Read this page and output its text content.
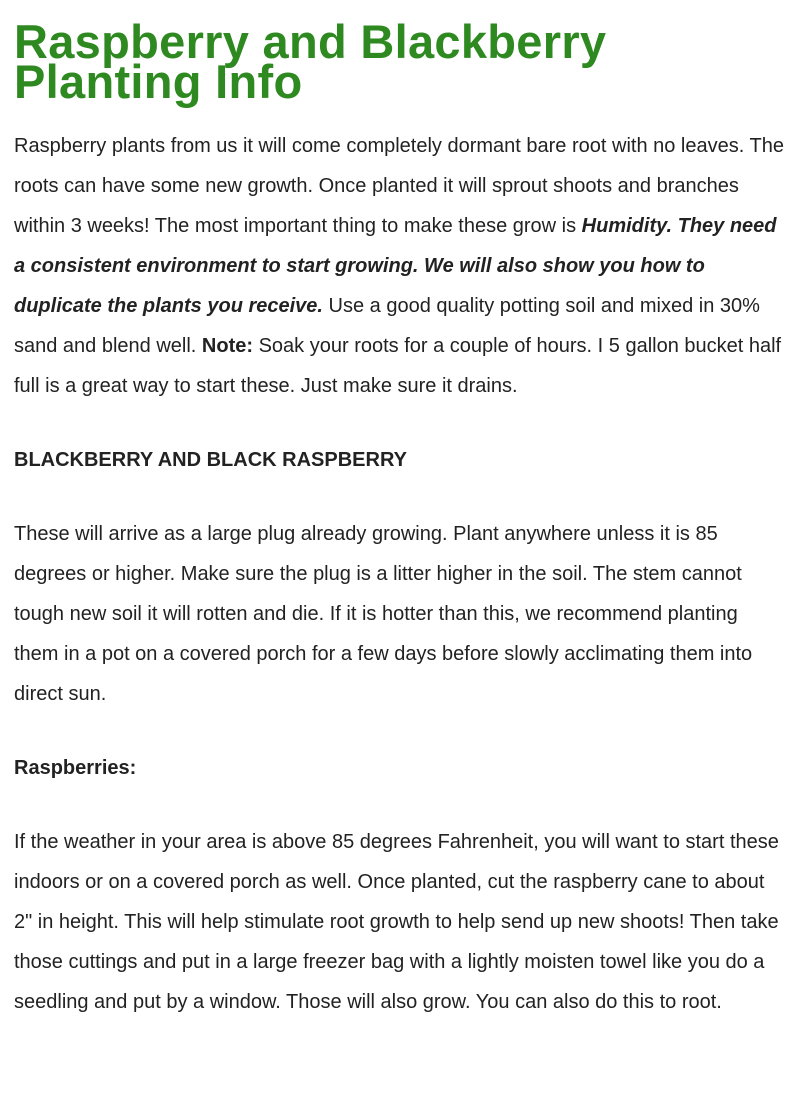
Raspberry and Blackberry
Planting Info

Raspberry plants from us it will come completely dormant bare root with no leaves. The roots can have some new growth. Once planted it will sprout shoots and branches within 3 weeks! The most important thing to make these grow is Humidity. They need a consistent environment to start growing. We will also show you how to duplicate the plants you receive. Use a good quality potting soil and mixed in 30% sand and blend well. Note: Soak your roots for a couple of hours. I 5 gallon bucket half full is a great way to start these. Just make sure it drains.

BLACKBERRY AND BLACK RASPBERRY

These will arrive as a large plug already growing. Plant anywhere unless it is 85 degrees or higher. Make sure the plug is a litter higher in the soil. The stem cannot tough new soil it will rotten and die. If it is hotter than this, we recommend planting them in a pot on a covered porch for a few days before slowly acclimating them into direct sun.

Raspberries:

If the weather in your area is above 85 degrees Fahrenheit, you will want to start these indoors or on a covered porch as well. Once planted, cut the raspberry cane to about 2" in height. This will help stimulate root growth to help send up new shoots! Then take those cuttings and put in a large freezer bag with a lightly moisten towel like you do a seedling and put by a window. Those will also grow. You can also do this to root.
